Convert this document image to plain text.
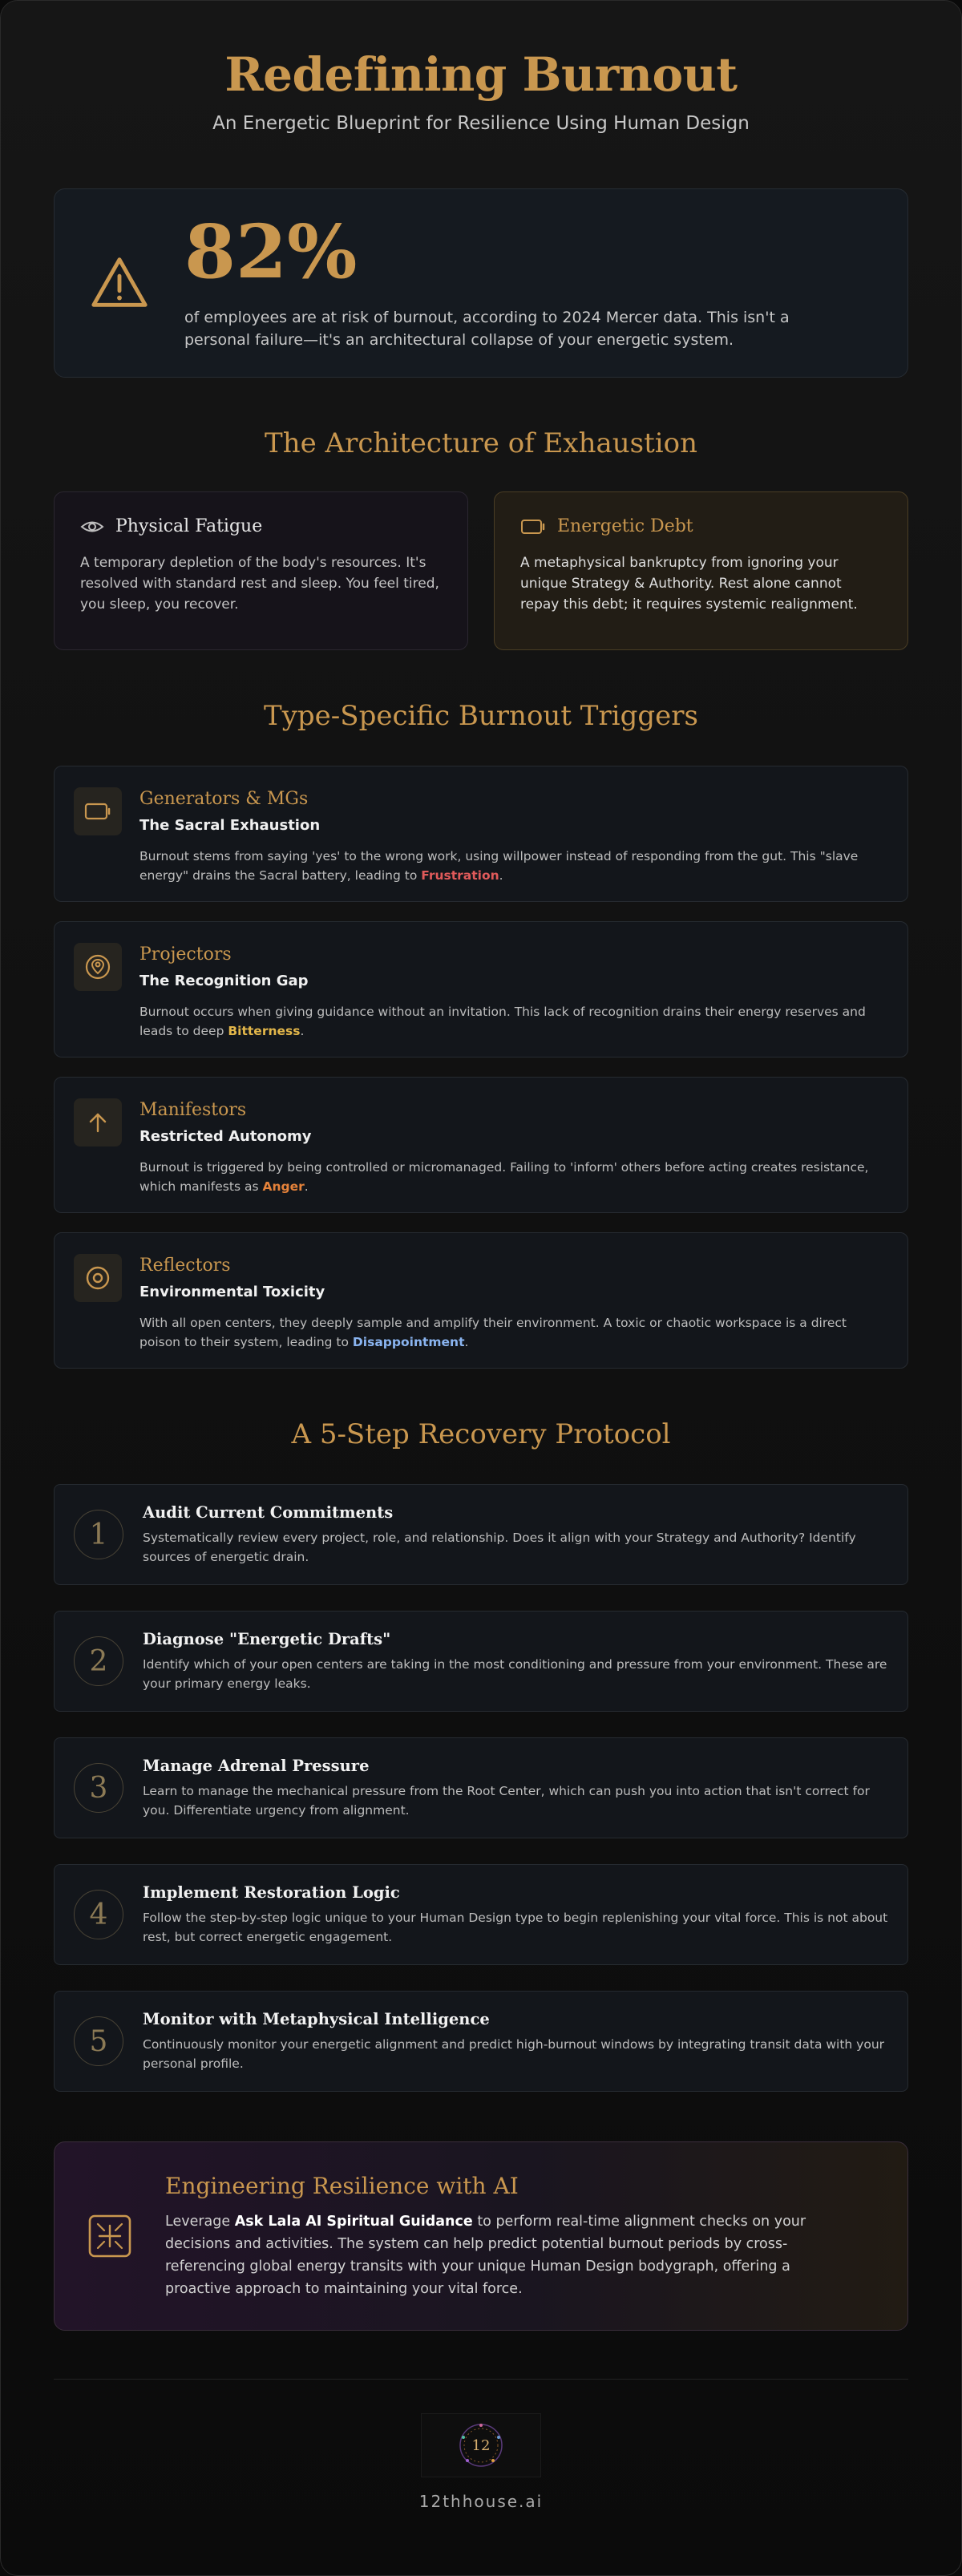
Redefining Burnout

An Energetic Blueprint for Resilience Using Human Design

82%
of employees are at risk of burnout, according to 2024 Mercer data. This isn't a personal failure—it's an architectural collapse of your energetic system.
The Architecture of Exhaustion
Physical Fatigue
A temporary depletion of the body's resources. It's resolved with standard rest and sleep. You feel tired, you sleep, you recover.
Energetic Debt
A metaphysical bankruptcy from ignoring your unique Strategy & Authority. Rest alone cannot repay this debt; it requires systemic realignment.
Type-Specific Burnout Triggers
Generators & MGs
The Sacral Exhaustion
Burnout stems from saying 'yes' to the wrong work, using willpower instead of responding from the gut. This "slave energy" drains the Sacral battery, leading to Frustration.
Projectors
The Recognition Gap
Burnout occurs when giving guidance without an invitation. This lack of recognition drains their energy reserves and leads to deep Bitterness.
Manifestors
Restricted Autonomy
Burnout is triggered by being controlled or micromanaged. Failing to 'inform' others before acting creates resistance, which manifests as Anger.
Reflectors
Environmental Toxicity
With all open centers, they deeply sample and amplify their environment. A toxic or chaotic workspace is a direct poison to their system, leading to Disappointment.
A 5-Step Recovery Protocol
1
Audit Current Commitments
Systematically review every project, role, and relationship. Does it align with your Strategy and Authority? Identify sources of energetic drain.
2
Diagnose "Energetic Drafts"
Identify which of your open centers are taking in the most conditioning and pressure from your environment. These are your primary energy leaks.
3
Manage Adrenal Pressure
Learn to manage the mechanical pressure from the Root Center, which can push you into action that isn't correct for you. Differentiate urgency from alignment.
4
Implement Restoration Logic
Follow the step-by-step logic unique to your Human Design type to begin replenishing your vital force. This is not about rest, but correct energetic engagement.
5
Monitor with Metaphysical Intelligence
Continuously monitor your energetic alignment and predict high-burnout windows by integrating transit data with your personal profile.
Engineering Resilience with AI
Leverage Ask Lala AI Spiritual Guidance to perform real-time alignment checks on your decisions and activities. The system can help predict potential burnout periods by cross-referencing global energy transits with your unique Human Design bodygraph, offering a proactive approach to maintaining your vital force.
12
12thhouse.ai
